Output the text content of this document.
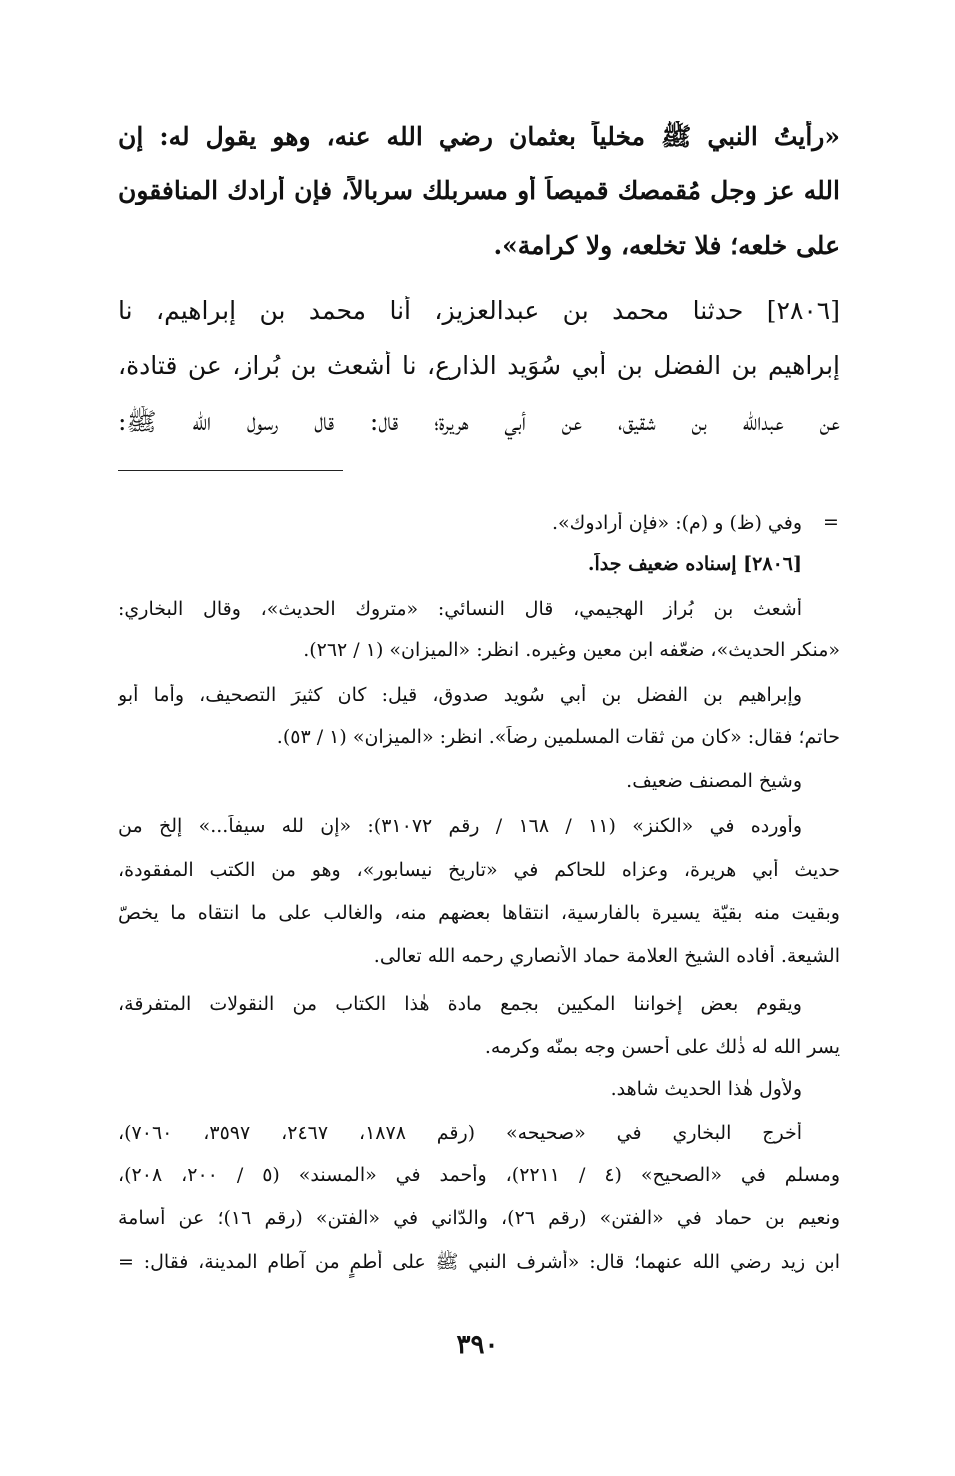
«رأيتُ النبي ﷺ مخلياً بعثمان رضي الله عنه، وهو يقول له: إن
الله عز وجل مُقمصك قميصاً أو مسربلك سربالاً، فإن أرادك المنافقون
على خلعه؛ فلا تخلعه، ولا كرامة».
[٢٨٠٦] حدثنا محمد بن عبدالعزيز، أنا محمد بن إبراهيم، نا
إبراهيم بن الفضل بن أبي سُوَيد الذارع، نا أشعث بن بُراز، عن قتادة،
عن عبدالله بن شقيق، عن أبي هريرة؛ قال: قال رسول الله ﷺ:
وفي (ظ) و (م): «فإن أرادوك».
[٢٨٠٦] إسناده ضعيف جداً.
أشعث بن بُراز الهجيمي، قال النسائي: «متروك الحديث»، وقال البخاري:
«منكر الحديث»، ضعّفه ابن معين وغيره. انظر: «الميزان» (١ / ٢٦٢).
وإبراهيم بن الفضل بن أبي سُويد صدوق، قيل: كان كثيرَ التصحيف، وأما أبو
حاتم؛ فقال: «كان من ثقات المسلمين رضاً». انظر: «الميزان» (١ / ٥٣).
وشيخ المصنف ضعيف.
وأورده في «الكنز» (١١ / ١٦٨ / رقم ٣١٠٧٢): «إن لله سيفاً...» إلخ من
حديث أبي هريرة، وعزاه للحاكم في «تاريخ نيسابور»، وهو من الكتب المفقودة،
وبقيت منه بقيّة يسيرة بالفارسية، انتقاها بعضهم منه، والغالب على ما انتقاه ما يخصّ
الشيعة. أفاده الشيخ العلامة حماد الأنصاري رحمه الله تعالى.
ويقوم بعض إخواننا المكيين بجمع مادة هٰذا الكتاب من النقولات المتفرقة،
يسر الله له ذٰلك على أحسن وجه بمنّه وكرمه.
ولأول هٰذا الحديث شاهد.
أخرج البخاري في «صحيحه» (رقم ١٨٧٨، ٢٤٦٧، ٣٥٩٧، ٧٠٦٠)،
ومسلم في «الصحيح» (٤ / ٢٢١١)، وأحمد في «المسند» (٥ / ٢٠٠، ٢٠٨)،
ونعيم بن حماد في «الفتن» (رقم ٢٦)، والدّاني في «الفتن» (رقم ١٦)؛ عن أسامة
ابن زيد رضي الله عنهما؛ قال: «أشرف النبي ﷺ على أطمٍ من آطام المدينة، فقال: =
=
٣٩٠
